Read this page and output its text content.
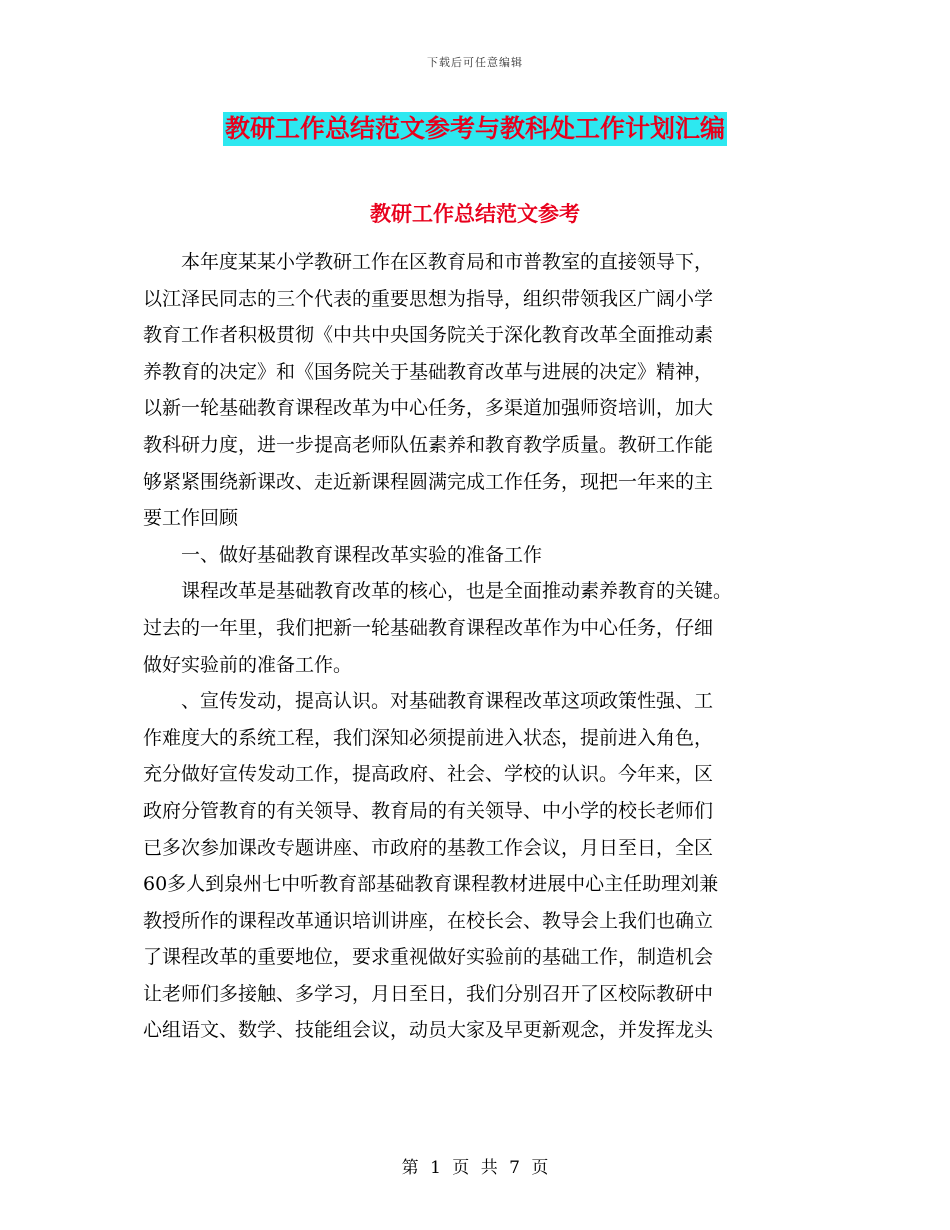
下载后可任意编辑
教研工作总结范文参考与教科处工作计划汇编
教研工作总结范文参考
　　本年度某某小学教研工作在区教育局和市普教室的直接领导下，
以江泽民同志的三个代表的重要思想为指导，组织带领我区广阔小学
教育工作者积极贯彻《中共中央国务院关于深化教育改革全面推动素
养教育的决定》和《国务院关于基础教育改革与进展的决定》精神，
以新一轮基础教育课程改革为中心任务，多渠道加强师资培训，加大
教科研力度，进一步提高老师队伍素养和教育教学质量。教研工作能
够紧紧围绕新课改、走近新课程圆满完成工作任务，现把一年来的主
要工作回顾
　　一、做好基础教育课程改革实验的准备工作
　　课程改革是基础教育改革的核心，也是全面推动素养教育的关键。
过去的一年里，我们把新一轮基础教育课程改革作为中心任务，仔细
做好实验前的准备工作。
　　、宣传发动，提高认识。对基础教育课程改革这项政策性强、工
作难度大的系统工程，我们深知必须提前进入状态，提前进入角色，
充分做好宣传发动工作，提高政府、社会、学校的认识。今年来，区
政府分管教育的有关领导、教育局的有关领导、中小学的校长老师们
已多次参加课改专题讲座、市政府的基教工作会议，月日至日，全区
60多人到泉州七中听教育部基础教育课程教材进展中心主任助理刘兼
教授所作的课程改革通识培训讲座，在校长会、教导会上我们也确立
了课程改革的重要地位，要求重视做好实验前的基础工作，制造机会
让老师们多接触、多学习，月日至日，我们分别召开了区校际教研中
心组语文、数学、技能组会议，动员大家及早更新观念，并发挥龙头
第 1 页 共 7 页
